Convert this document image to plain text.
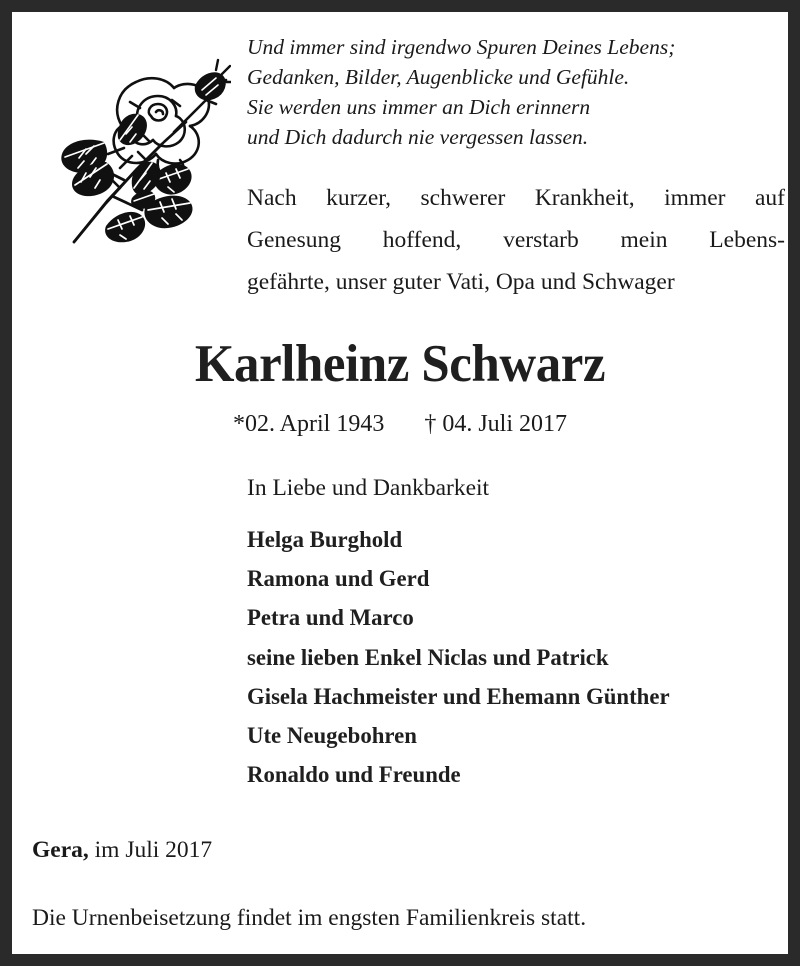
Und immer sind irgendwo Spuren Deines Lebens;
Gedanken, Bilder, Augenblicke und Gefühle.
Sie werden uns immer an Dich erinnern
und Dich dadurch nie vergessen lassen.
Nach kurzer, schwerer Krankheit, immer auf
Genesung hoffend, verstarb mein Lebens-
gefährte, unser guter Vati, Opa und Schwager
Karlheinz Schwarz
*02. April 1943 † 04. Juli 2017
In Liebe und Dankbarkeit
Helga Burghold
Ramona und Gerd
Petra und Marco
seine lieben Enkel Niclas und Patrick
Gisela Hachmeister und Ehemann Günther
Ute Neugebohren
Ronaldo und Freunde
Gera, im Juli 2017
Die Urnenbeisetzung findet im engsten Familienkreis statt.
